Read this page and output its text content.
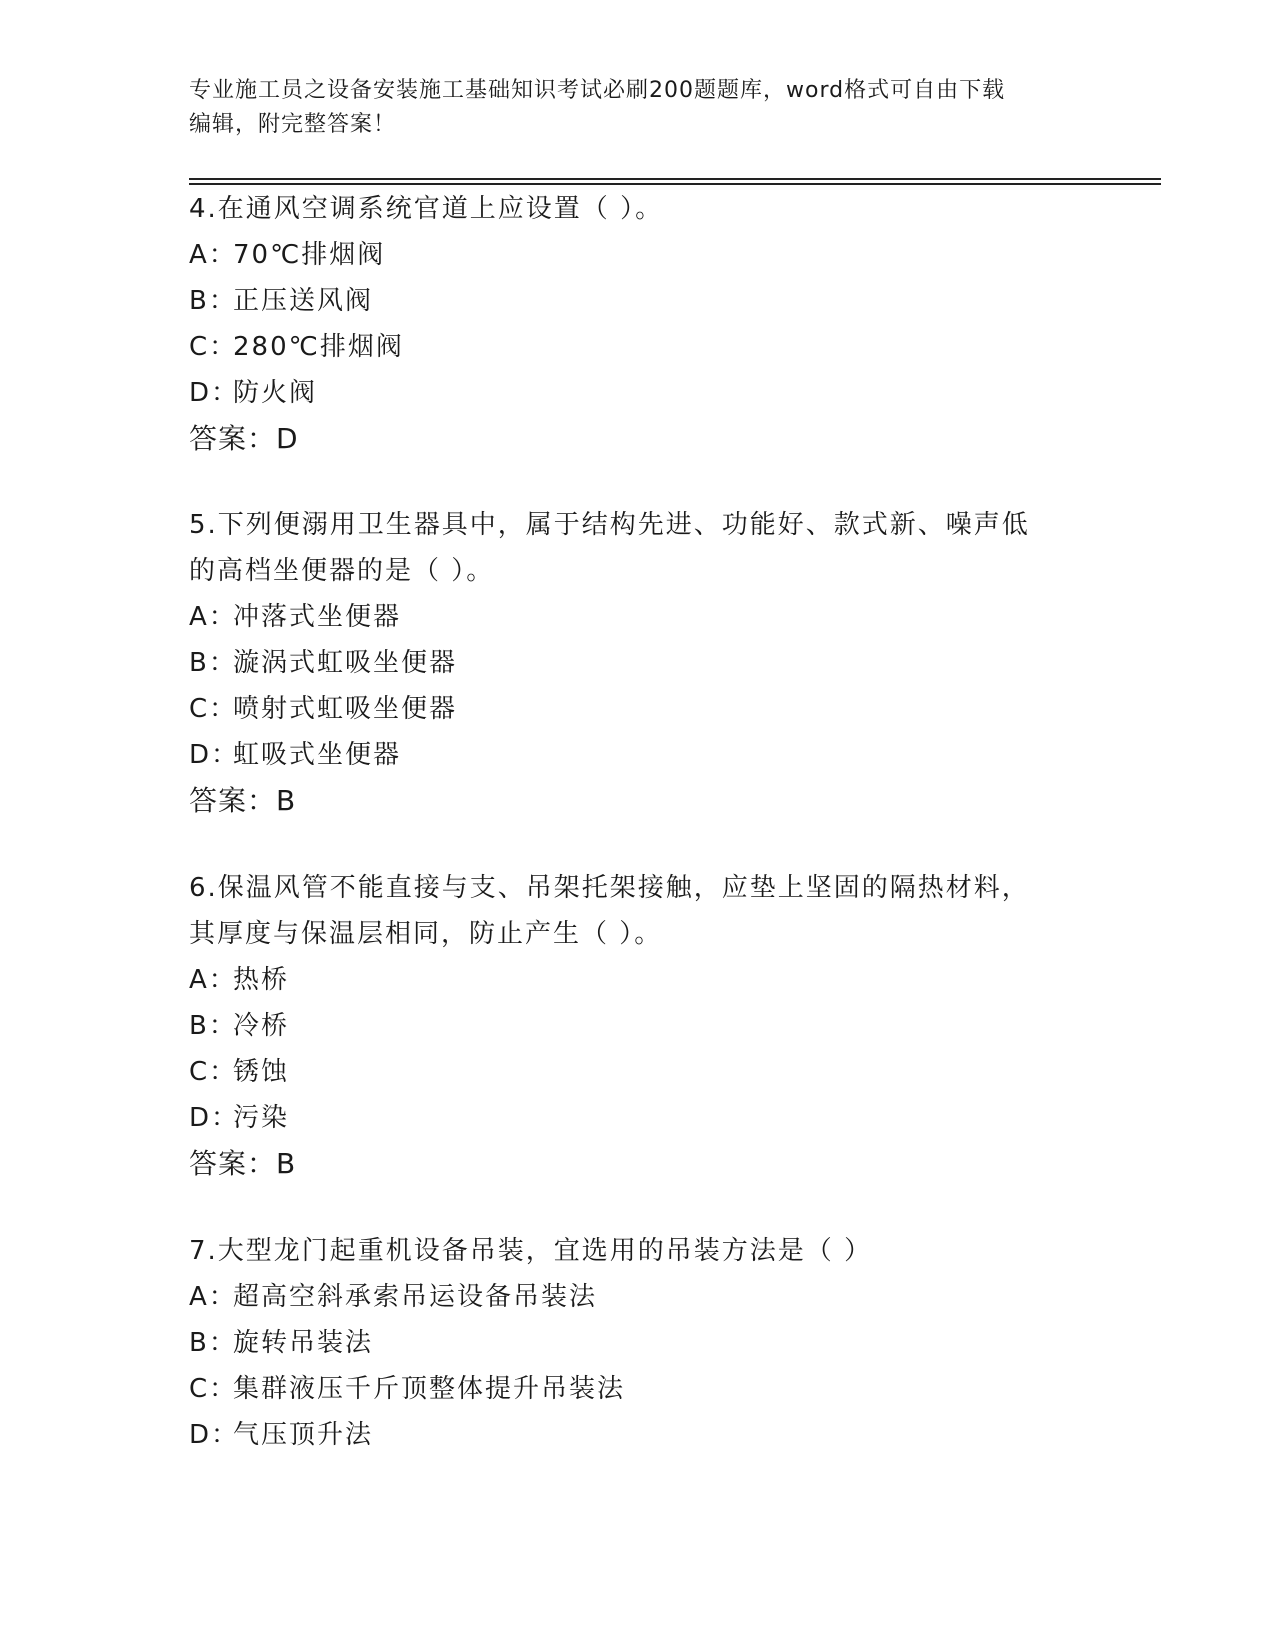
专业施工员之设备安装施工基础知识考试必刷200题题库，word格式可自由下载
编辑，附完整答案！
4.在通风空调系统官道上应设置（ ）。
A：70℃排烟阀
B：正压送风阀
C：280℃排烟阀
D：防火阀
答案：D
5.下列便溺用卫生器具中，属于结构先进、功能好、款式新、噪声低
的高档坐便器的是（ ）。
A：冲落式坐便器
B：漩涡式虹吸坐便器
C：喷射式虹吸坐便器
D：虹吸式坐便器
答案：B
6.保温风管不能直接与支、吊架托架接触，应垫上坚固的隔热材料，
其厚度与保温层相同，防止产生（ ）。
A：热桥
B：冷桥
C：锈蚀
D：污染
答案：B
7.大型龙门起重机设备吊装，宜选用的吊装方法是（ ）
A：超高空斜承索吊运设备吊装法
B：旋转吊装法
C：集群液压千斤顶整体提升吊装法
D：气压顶升法
